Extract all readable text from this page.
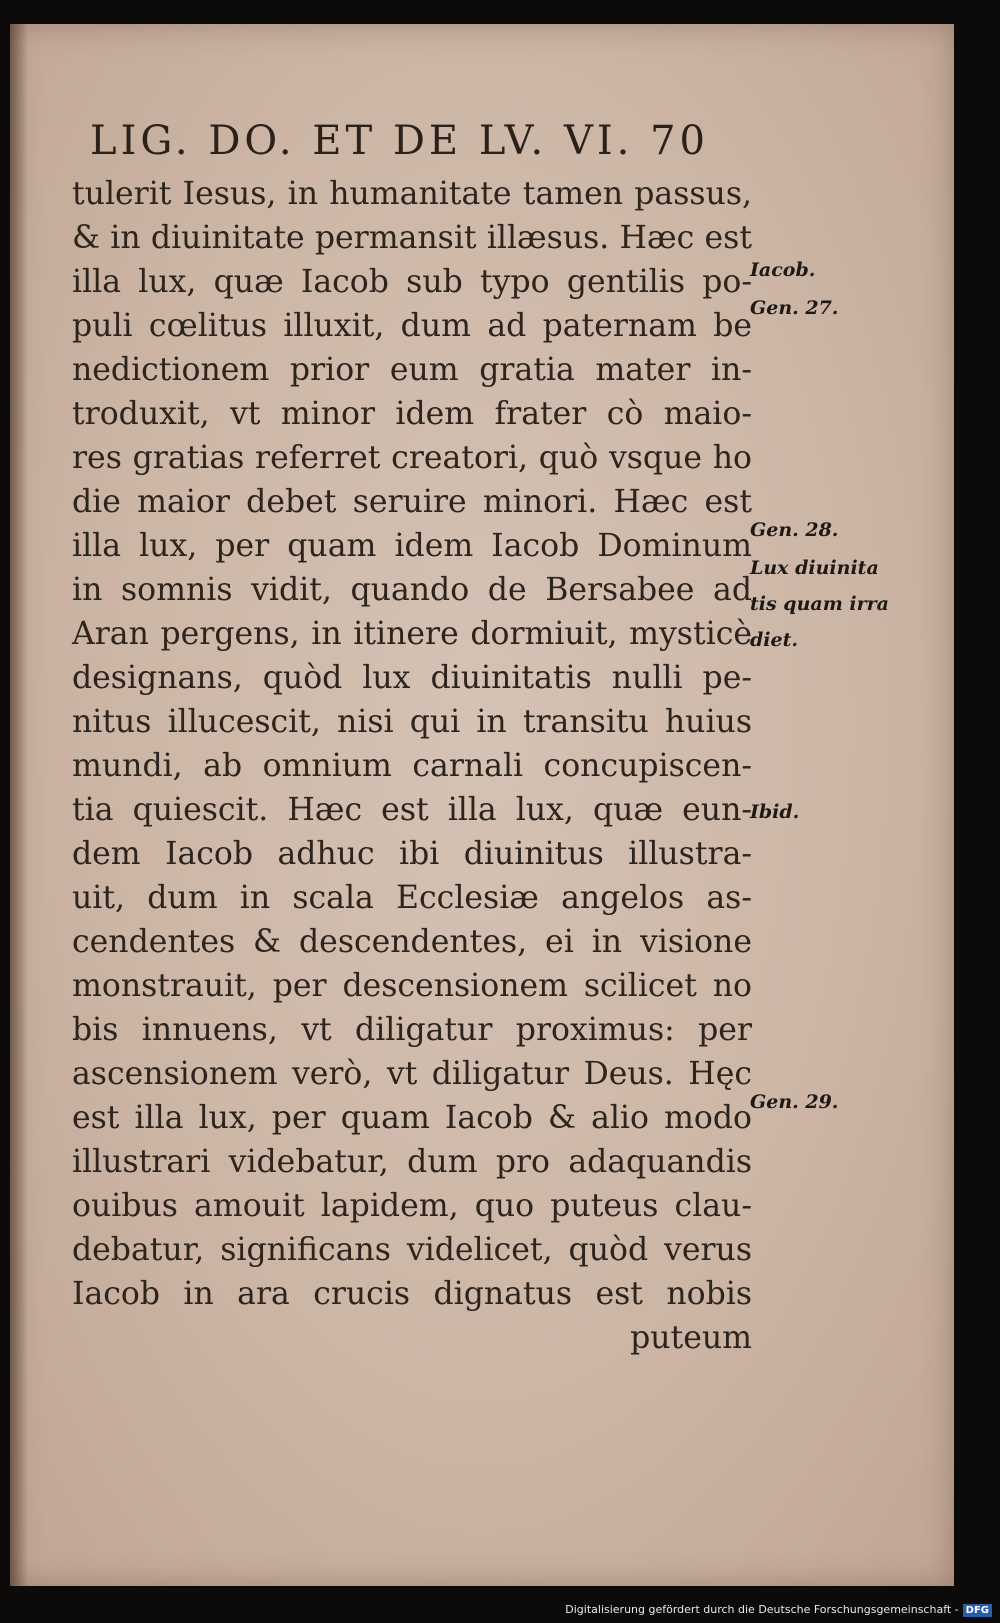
LIG. DO. ET DE LV. VI. 70
tulerit Iesus, in humanitate tamen passus,
& in diuinitate permansit illæsus. Hæc est
illa lux, quæ Iacob sub typo gentilis po-
puli cœlitus illuxit, dum ad paternam be
nedictionem prior eum gratia mater in-
troduxit, vt minor idem frater cò maio-
res gratias referret creatori, quò vsque ho
die maior debet seruire minori. Hæc est
illa lux, per quam idem Iacob Dominum
in somnis vidit, quando de Bersabee ad
Aran pergens, in itinere dormiuit, mysticè
designans, quòd lux diuinitatis nulli pe-
nitus illucescit, nisi qui in transitu huius
mundi, ab omnium carnali concupiscen-
tia quiescit. Hæc est illa lux, quæ eun-
dem Iacob adhuc ibi diuinitus illustra-
uit, dum in scala Ecclesiæ angelos as-
cendentes & descendentes, ei in visione
monstrauit, per descensionem scilicet no
bis innuens, vt diligatur proximus: per
ascensionem verò, vt diligatur Deus. Hęc
est illa lux, per quam Iacob & alio modo
illustrari videbatur, dum pro adaquandis
ouibus amouit lapidem, quo puteus clau-
debatur, significans videlicet, quòd verus
Iacob in ara crucis dignatus est nobis
puteum
Iacob.
Gen. 27.
Gen. 28.
Lux diuinita
tis quam irra
diet.
Ibid.
Gen. 29.
Digitalisierung gefördert durch die Deutsche Forschungsgemeinschaft - DFG
